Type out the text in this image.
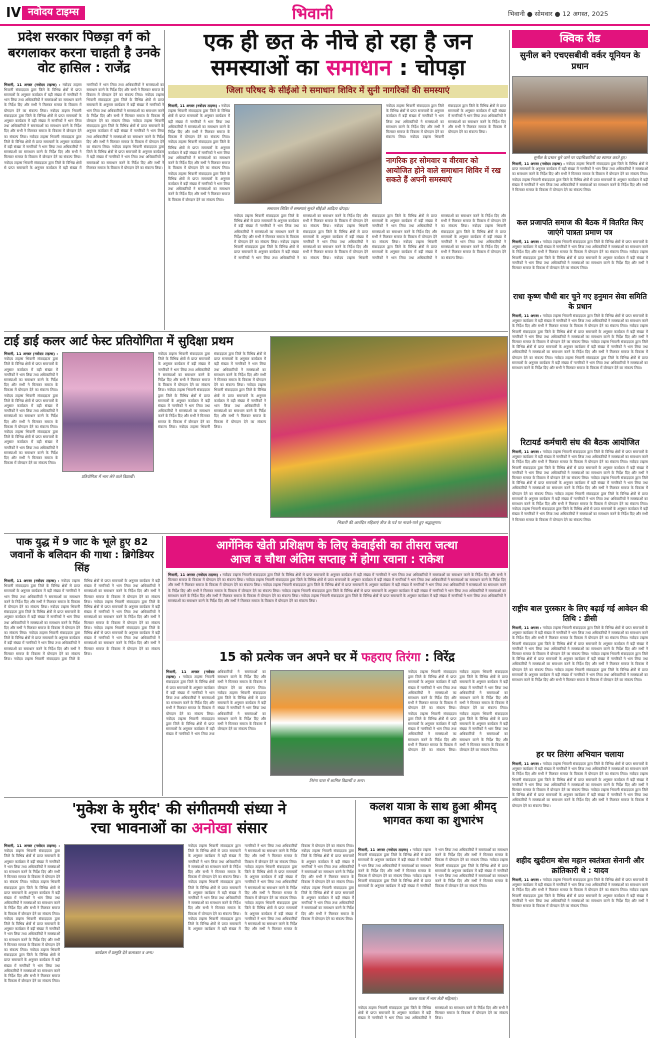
IV नवोदय टाइम्स	भिवानी	भिवानी ● सोमवार ● 12 अगस्त, 2025
प्रदेश सरकार पिछड़ा वर्ग को बरगलाकर करना चाहती है उनके वोट हासिल : राजेंद्र
भिवानी, 11 अगस्त (नवोदय टाइम्स) : नवोदय टाइम्स भिवानी संवाददाता द्वारा जिले के विभिन्न क्षेत्रों से प्राप्त समाचारों के अनुसार कार्यक्रम में बड़ी संख्या में नागरिकों ने भाग लिया तथा अधिकारियों ने समस्याओं का समाधान करने के निर्देश दिए और सभी ने मिलकर समाज के विकास में योगदान देने का संकल्प लिया। नवोदय टाइम्स भिवानी संवाददाता द्वारा जिले के विभिन्न क्षेत्रों से प्राप्त समाचारों के अनुसार कार्यक्रम में बड़ी संख्या में नागरिकों ने भाग लिया तथा अधिकारियों ने समस्याओं का समाधान करने के निर्देश दिए और सभी ने मिलकर समाज के विकास में योगदान देने का संकल्प लिया। नवोदय टाइम्स भिवानी संवाददाता द्वारा जिले के विभिन्न क्षेत्रों से प्राप्त समाचारों के अनुसार कार्यक्रम में बड़ी संख्या में नागरिकों ने भाग लिया तथा अधिकारियों ने समस्याओं का समाधान करने के निर्देश दिए और सभी ने मिलकर समाज के विकास में योगदान देने का संकल्प लिया। नवोदय टाइम्स भिवानी संवाददाता द्वारा जिले के विभिन्न क्षेत्रों से प्राप्त समाचारों के अनुसार कार्यक्रम में बड़ी संख्या में नागरिकों ने भाग लिया तथा अधिकारियों ने समस्याओं का समाधान करने के निर्देश दिए और सभी ने मिलकर समाज के विकास में योगदान देने का संकल्प लिया। नवोदय टाइम्स भिवानी संवाददाता द्वारा जिले के विभिन्न क्षेत्रों से प्राप्त समाचारों के अनुसार कार्यक्रम में बड़ी संख्या में नागरिकों ने भाग लिया तथा अधिकारियों ने समस्याओं का समाधान करने के निर्देश दिए और सभी ने मिलकर समाज के विकास में योगदान देने का संकल्प लिया। नवोदय टाइम्स भिवानी संवाददाता द्वारा जिले के विभिन्न क्षेत्रों से प्राप्त समाचारों के अनुसार कार्यक्रम में बड़ी संख्या में नागरिकों ने भाग लिया तथा अधिकारियों ने समस्याओं का समाधान करने के निर्देश दिए और सभी ने मिलकर समाज के विकास में योगदान देने का संकल्प लिया। नवोदय टाइम्स भिवानी संवाददाता द्वारा जिले के विभिन्न क्षेत्रों से प्राप्त समाचारों के अनुसार कार्यक्रम में बड़ी संख्या में नागरिकों ने भाग लिया तथा अधिकारियों ने समस्याओं का समाधान करने के निर्देश दिए और सभी ने मिलकर समाज के विकास में योगदान देने का संकल्प लिया।
एक ही छत के नीचे हो रहा है जन
समस्याओं का समाधान : चोपड़ा
जिला परिषद के सीईओ ने समाधान शिविर में सुनी नागरिकों की समस्याएं
भिवानी, 11 अगस्त (नवोदय टाइम्स) : नवोदय टाइम्स भिवानी संवाददाता द्वारा जिले के विभिन्न क्षेत्रों से प्राप्त समाचारों के अनुसार कार्यक्रम में बड़ी संख्या में नागरिकों ने भाग लिया तथा अधिकारियों ने समस्याओं का समाधान करने के निर्देश दिए और सभी ने मिलकर समाज के विकास में योगदान देने का संकल्प लिया। नवोदय टाइम्स भिवानी संवाददाता द्वारा जिले के विभिन्न क्षेत्रों से प्राप्त समाचारों के अनुसार कार्यक्रम में बड़ी संख्या में नागरिकों ने भाग लिया तथा अधिकारियों ने समस्याओं का समाधान करने के निर्देश दिए और सभी ने मिलकर समाज के विकास में योगदान देने का संकल्प लिया। नवोदय टाइम्स भिवानी संवाददाता द्वारा जिले के विभिन्न क्षेत्रों से प्राप्त समाचारों के अनुसार कार्यक्रम में बड़ी संख्या में नागरिकों ने भाग लिया तथा अधिकारियों ने समस्याओं का समाधान करने के निर्देश दिए और सभी ने मिलकर समाज के विकास में योगदान देने का संकल्प लिया।
समाधान शिविर में समस्याएं सुनते सीईओ आदित्य चोपड़ा।
नवोदय टाइम्स भिवानी संवाददाता द्वारा जिले के विभिन्न क्षेत्रों से प्राप्त समाचारों के अनुसार कार्यक्रम में बड़ी संख्या में नागरिकों ने भाग लिया तथा अधिकारियों ने समस्याओं का समाधान करने के निर्देश दिए और सभी ने मिलकर समाज के विकास में योगदान देने का संकल्प लिया। नवोदय टाइम्स भिवानी संवाददाता द्वारा जिले के विभिन्न क्षेत्रों से प्राप्त समाचारों के अनुसार कार्यक्रम में बड़ी संख्या में नागरिकों ने भाग लिया तथा अधिकारियों ने समस्याओं का समाधान करने के निर्देश दिए और सभी ने मिलकर समाज के विकास में योगदान देने का संकल्प लिया।
नागरिक हर सोमवार व वीरवार को आयोजित होने वाले समाधान शिविर में रख सकते हैं अपनी समस्याएं
नवोदय टाइम्स भिवानी संवाददाता द्वारा जिले के विभिन्न क्षेत्रों से प्राप्त समाचारों के अनुसार कार्यक्रम में बड़ी संख्या में नागरिकों ने भाग लिया तथा अधिकारियों ने समस्याओं का समाधान करने के निर्देश दिए और सभी ने मिलकर समाज के विकास में योगदान देने का संकल्प लिया। नवोदय टाइम्स भिवानी संवाददाता द्वारा जिले के विभिन्न क्षेत्रों से प्राप्त समाचारों के अनुसार कार्यक्रम में बड़ी संख्या में नागरिकों ने भाग लिया तथा अधिकारियों ने समस्याओं का समाधान करने के निर्देश दिए और सभी ने मिलकर समाज के विकास में योगदान देने का संकल्प लिया। नवोदय टाइम्स भिवानी संवाददाता द्वारा जिले के विभिन्न क्षेत्रों से प्राप्त समाचारों के अनुसार कार्यक्रम में बड़ी संख्या में नागरिकों ने भाग लिया तथा अधिकारियों ने समस्याओं का समाधान करने के निर्देश दिए और सभी ने मिलकर समाज के विकास में योगदान देने का संकल्प लिया। नवोदय टाइम्स भिवानी संवाददाता द्वारा जिले के विभिन्न क्षेत्रों से प्राप्त समाचारों के अनुसार कार्यक्रम में बड़ी संख्या में नागरिकों ने भाग लिया तथा अधिकारियों ने समस्याओं का समाधान करने के निर्देश दिए और सभी ने मिलकर समाज के विकास में योगदान देने का संकल्प लिया। नवोदय टाइम्स भिवानी संवाददाता द्वारा जिले के विभिन्न क्षेत्रों से प्राप्त समाचारों के अनुसार कार्यक्रम में बड़ी संख्या में नागरिकों ने भाग लिया तथा अधिकारियों ने समस्याओं का समाधान करने के निर्देश दिए और सभी ने मिलकर समाज के विकास में योगदान देने का संकल्प लिया। नवोदय टाइम्स भिवानी संवाददाता द्वारा जिले के विभिन्न क्षेत्रों से प्राप्त समाचारों के अनुसार कार्यक्रम में बड़ी संख्या में नागरिकों ने भाग लिया तथा अधिकारियों ने समस्याओं का समाधान करने के निर्देश दिए और सभी ने मिलकर समाज के विकास में योगदान देने का संकल्प लिया।
क्विक रीड
सुनील बने एचएसबीवी वर्कर यूनियन के प्रधान
सुनील के प्रधान चुने जाने पर पदाधिकारियों का स्वागत करते हुए।
भिवानी, 11 अगस्त (नवोदय टाइम्स) : नवोदय टाइम्स भिवानी संवाददाता द्वारा जिले के विभिन्न क्षेत्रों से प्राप्त समाचारों के अनुसार कार्यक्रम में बड़ी संख्या में नागरिकों ने भाग लिया तथा अधिकारियों ने समस्याओं का समाधान करने के निर्देश दिए और सभी ने मिलकर समाज के विकास में योगदान देने का संकल्प लिया। नवोदय टाइम्स भिवानी संवाददाता द्वारा जिले के विभिन्न क्षेत्रों से प्राप्त समाचारों के अनुसार कार्यक्रम में बड़ी संख्या में नागरिकों ने भाग लिया तथा अधिकारियों ने समस्याओं का समाधान करने के निर्देश दिए और सभी ने मिलकर समाज के विकास में योगदान देने का संकल्प लिया।
कल प्रजापति समाज की बैठक में वितरित किए जाएंगे पात्रता प्रमाण पत्र
भिवानी, 11 अगस्त : नवोदय टाइम्स भिवानी संवाददाता द्वारा जिले के विभिन्न क्षेत्रों से प्राप्त समाचारों के अनुसार कार्यक्रम में बड़ी संख्या में नागरिकों ने भाग लिया तथा अधिकारियों ने समस्याओं का समाधान करने के निर्देश दिए और सभी ने मिलकर समाज के विकास में योगदान देने का संकल्प लिया। नवोदय टाइम्स भिवानी संवाददाता द्वारा जिले के विभिन्न क्षेत्रों से प्राप्त समाचारों के अनुसार कार्यक्रम में बड़ी संख्या में नागरिकों ने भाग लिया तथा अधिकारियों ने समस्याओं का समाधान करने के निर्देश दिए और सभी ने मिलकर समाज के विकास में योगदान देने का संकल्प लिया।
राधा कृष्ण चौथी बार चुने गए हनुमान सेवा समिति के प्रधान
भिवानी, 11 अगस्त : नवोदय टाइम्स भिवानी संवाददाता द्वारा जिले के विभिन्न क्षेत्रों से प्राप्त समाचारों के अनुसार कार्यक्रम में बड़ी संख्या में नागरिकों ने भाग लिया तथा अधिकारियों ने समस्याओं का समाधान करने के निर्देश दिए और सभी ने मिलकर समाज के विकास में योगदान देने का संकल्प लिया। नवोदय टाइम्स भिवानी संवाददाता द्वारा जिले के विभिन्न क्षेत्रों से प्राप्त समाचारों के अनुसार कार्यक्रम में बड़ी संख्या में नागरिकों ने भाग लिया तथा अधिकारियों ने समस्याओं का समाधान करने के निर्देश दिए और सभी ने मिलकर समाज के विकास में योगदान देने का संकल्प लिया। नवोदय टाइम्स भिवानी संवाददाता द्वारा जिले के विभिन्न क्षेत्रों से प्राप्त समाचारों के अनुसार कार्यक्रम में बड़ी संख्या में नागरिकों ने भाग लिया तथा अधिकारियों ने समस्याओं का समाधान करने के निर्देश दिए और सभी ने मिलकर समाज के विकास में योगदान देने का संकल्प लिया। नवोदय टाइम्स भिवानी संवाददाता द्वारा जिले के विभिन्न क्षेत्रों से प्राप्त समाचारों के अनुसार कार्यक्रम में बड़ी संख्या में नागरिकों ने भाग लिया तथा अधिकारियों ने समस्याओं का समाधान करने के निर्देश दिए और सभी ने मिलकर समाज के विकास में योगदान देने का संकल्प लिया।
रिटायर्ड कर्मचारी संघ की बैठक आयोजित
भिवानी, 11 अगस्त : नवोदय टाइम्स भिवानी संवाददाता द्वारा जिले के विभिन्न क्षेत्रों से प्राप्त समाचारों के अनुसार कार्यक्रम में बड़ी संख्या में नागरिकों ने भाग लिया तथा अधिकारियों ने समस्याओं का समाधान करने के निर्देश दिए और सभी ने मिलकर समाज के विकास में योगदान देने का संकल्प लिया। नवोदय टाइम्स भिवानी संवाददाता द्वारा जिले के विभिन्न क्षेत्रों से प्राप्त समाचारों के अनुसार कार्यक्रम में बड़ी संख्या में नागरिकों ने भाग लिया तथा अधिकारियों ने समस्याओं का समाधान करने के निर्देश दिए और सभी ने मिलकर समाज के विकास में योगदान देने का संकल्प लिया। नवोदय टाइम्स भिवानी संवाददाता द्वारा जिले के विभिन्न क्षेत्रों से प्राप्त समाचारों के अनुसार कार्यक्रम में बड़ी संख्या में नागरिकों ने भाग लिया तथा अधिकारियों ने समस्याओं का समाधान करने के निर्देश दिए और सभी ने मिलकर समाज के विकास में योगदान देने का संकल्प लिया। नवोदय टाइम्स भिवानी संवाददाता द्वारा जिले के विभिन्न क्षेत्रों से प्राप्त समाचारों के अनुसार कार्यक्रम में बड़ी संख्या में नागरिकों ने भाग लिया तथा अधिकारियों ने समस्याओं का समाधान करने के निर्देश दिए और सभी ने मिलकर समाज के विकास में योगदान देने का संकल्प लिया। नवोदय टाइम्स भिवानी संवाददाता द्वारा जिले के विभिन्न क्षेत्रों से प्राप्त समाचारों के अनुसार कार्यक्रम में बड़ी संख्या में नागरिकों ने भाग लिया तथा अधिकारियों ने समस्याओं का समाधान करने के निर्देश दिए और सभी ने मिलकर समाज के विकास में योगदान देने का संकल्प लिया।
राष्ट्रीय बाल पुरस्कार के लिए बढ़ाई गई आवेदन की तिथि : डीसी
भिवानी, 11 अगस्त : नवोदय टाइम्स भिवानी संवाददाता द्वारा जिले के विभिन्न क्षेत्रों से प्राप्त समाचारों के अनुसार कार्यक्रम में बड़ी संख्या में नागरिकों ने भाग लिया तथा अधिकारियों ने समस्याओं का समाधान करने के निर्देश दिए और सभी ने मिलकर समाज के विकास में योगदान देने का संकल्प लिया। नवोदय टाइम्स भिवानी संवाददाता द्वारा जिले के विभिन्न क्षेत्रों से प्राप्त समाचारों के अनुसार कार्यक्रम में बड़ी संख्या में नागरिकों ने भाग लिया तथा अधिकारियों ने समस्याओं का समाधान करने के निर्देश दिए और सभी ने मिलकर समाज के विकास में योगदान देने का संकल्प लिया। नवोदय टाइम्स भिवानी संवाददाता द्वारा जिले के विभिन्न क्षेत्रों से प्राप्त समाचारों के अनुसार कार्यक्रम में बड़ी संख्या में नागरिकों ने भाग लिया तथा अधिकारियों ने समस्याओं का समाधान करने के निर्देश दिए और सभी ने मिलकर समाज के विकास में योगदान देने का संकल्प लिया। नवोदय टाइम्स भिवानी संवाददाता द्वारा जिले के विभिन्न क्षेत्रों से प्राप्त समाचारों के अनुसार कार्यक्रम में बड़ी संख्या में नागरिकों ने भाग लिया तथा अधिकारियों ने समस्याओं का समाधान करने के निर्देश दिए और सभी ने मिलकर समाज के विकास में योगदान देने का संकल्प लिया।
हर घर तिरंगा अभियान चलाया
भिवानी, 11 अगस्त : नवोदय टाइम्स भिवानी संवाददाता द्वारा जिले के विभिन्न क्षेत्रों से प्राप्त समाचारों के अनुसार कार्यक्रम में बड़ी संख्या में नागरिकों ने भाग लिया तथा अधिकारियों ने समस्याओं का समाधान करने के निर्देश दिए और सभी ने मिलकर समाज के विकास में योगदान देने का संकल्प लिया। नवोदय टाइम्स भिवानी संवाददाता द्वारा जिले के विभिन्न क्षेत्रों से प्राप्त समाचारों के अनुसार कार्यक्रम में बड़ी संख्या में नागरिकों ने भाग लिया तथा अधिकारियों ने समस्याओं का समाधान करने के निर्देश दिए और सभी ने मिलकर समाज के विकास में योगदान देने का संकल्प लिया। नवोदय टाइम्स भिवानी संवाददाता द्वारा जिले के विभिन्न क्षेत्रों से प्राप्त समाचारों के अनुसार कार्यक्रम में बड़ी संख्या में नागरिकों ने भाग लिया तथा अधिकारियों ने समस्याओं का समाधान करने के निर्देश दिए और सभी ने मिलकर समाज के विकास में योगदान देने का संकल्प लिया।
शहीद खुदीराम बोस महान स्वतंत्रता सेनानी और क्रांतिकारी थे : यादव
भिवानी, 11 अगस्त : नवोदय टाइम्स भिवानी संवाददाता द्वारा जिले के विभिन्न क्षेत्रों से प्राप्त समाचारों के अनुसार कार्यक्रम में बड़ी संख्या में नागरिकों ने भाग लिया तथा अधिकारियों ने समस्याओं का समाधान करने के निर्देश दिए और सभी ने मिलकर समाज के विकास में योगदान देने का संकल्प लिया। नवोदय टाइम्स भिवानी संवाददाता द्वारा जिले के विभिन्न क्षेत्रों से प्राप्त समाचारों के अनुसार कार्यक्रम में बड़ी संख्या में नागरिकों ने भाग लिया तथा अधिकारियों ने समस्याओं का समाधान करने के निर्देश दिए और सभी ने मिलकर समाज के विकास में योगदान देने का संकल्प लिया।
टाई डाई कलर आर्ट फेस्ट प्रतियोगिता में सुदिक्षा प्रथम
भिवानी, 11 अगस्त (नवोदय टाइम्स) : नवोदय टाइम्स भिवानी संवाददाता द्वारा जिले के विभिन्न क्षेत्रों से प्राप्त समाचारों के अनुसार कार्यक्रम में बड़ी संख्या में नागरिकों ने भाग लिया तथा अधिकारियों ने समस्याओं का समाधान करने के निर्देश दिए और सभी ने मिलकर समाज के विकास में योगदान देने का संकल्प लिया। नवोदय टाइम्स भिवानी संवाददाता द्वारा जिले के विभिन्न क्षेत्रों से प्राप्त समाचारों के अनुसार कार्यक्रम में बड़ी संख्या में नागरिकों ने भाग लिया तथा अधिकारियों ने समस्याओं का समाधान करने के निर्देश दिए और सभी ने मिलकर समाज के विकास में योगदान देने का संकल्प लिया। नवोदय टाइम्स भिवानी संवाददाता द्वारा जिले के विभिन्न क्षेत्रों से प्राप्त समाचारों के अनुसार कार्यक्रम में बड़ी संख्या में नागरिकों ने भाग लिया तथा अधिकारियों ने समस्याओं का समाधान करने के निर्देश दिए और सभी ने मिलकर समाज के विकास में योगदान देने का संकल्प लिया।
प्रतियोगिता में भाग लेने वाले विद्यार्थी।
नवोदय टाइम्स भिवानी संवाददाता द्वारा जिले के विभिन्न क्षेत्रों से प्राप्त समाचारों के अनुसार कार्यक्रम में बड़ी संख्या में नागरिकों ने भाग लिया तथा अधिकारियों ने समस्याओं का समाधान करने के निर्देश दिए और सभी ने मिलकर समाज के विकास में योगदान देने का संकल्प लिया। नवोदय टाइम्स भिवानी संवाददाता द्वारा जिले के विभिन्न क्षेत्रों से प्राप्त समाचारों के अनुसार कार्यक्रम में बड़ी संख्या में नागरिकों ने भाग लिया तथा अधिकारियों ने समस्याओं का समाधान करने के निर्देश दिए और सभी ने मिलकर समाज के विकास में योगदान देने का संकल्प लिया। नवोदय टाइम्स भिवानी संवाददाता द्वारा जिले के विभिन्न क्षेत्रों से प्राप्त समाचारों के अनुसार कार्यक्रम में बड़ी संख्या में नागरिकों ने भाग लिया तथा अधिकारियों ने समस्याओं का समाधान करने के निर्देश दिए और सभी ने मिलकर समाज के विकास में योगदान देने का संकल्प लिया। नवोदय टाइम्स भिवानी संवाददाता द्वारा जिले के विभिन्न क्षेत्रों से प्राप्त समाचारों के अनुसार कार्यक्रम में बड़ी संख्या में नागरिकों ने भाग लिया तथा अधिकारियों ने समस्याओं का समाधान करने के निर्देश दिए और सभी ने मिलकर समाज के विकास में योगदान देने का संकल्प लिया।
भिवानी की आनंदित महिलाएं तीज के पर्व पर नाचते-गाते हुए श्रद्धालुगण।
पाक युद्ध में 9 जाट के भूले हुए 82 जवानों के बलिदान की गाथा : ब्रिगेडियर सिंह
भिवानी, 11 अगस्त (नवोदय टाइम्स) : नवोदय टाइम्स भिवानी संवाददाता द्वारा जिले के विभिन्न क्षेत्रों से प्राप्त समाचारों के अनुसार कार्यक्रम में बड़ी संख्या में नागरिकों ने भाग लिया तथा अधिकारियों ने समस्याओं का समाधान करने के निर्देश दिए और सभी ने मिलकर समाज के विकास में योगदान देने का संकल्प लिया। नवोदय टाइम्स भिवानी संवाददाता द्वारा जिले के विभिन्न क्षेत्रों से प्राप्त समाचारों के अनुसार कार्यक्रम में बड़ी संख्या में नागरिकों ने भाग लिया तथा अधिकारियों ने समस्याओं का समाधान करने के निर्देश दिए और सभी ने मिलकर समाज के विकास में योगदान देने का संकल्प लिया। नवोदय टाइम्स भिवानी संवाददाता द्वारा जिले के विभिन्न क्षेत्रों से प्राप्त समाचारों के अनुसार कार्यक्रम में बड़ी संख्या में नागरिकों ने भाग लिया तथा अधिकारियों ने समस्याओं का समाधान करने के निर्देश दिए और सभी ने मिलकर समाज के विकास में योगदान देने का संकल्प लिया। नवोदय टाइम्स भिवानी संवाददाता द्वारा जिले के विभिन्न क्षेत्रों से प्राप्त समाचारों के अनुसार कार्यक्रम में बड़ी संख्या में नागरिकों ने भाग लिया तथा अधिकारियों ने समस्याओं का समाधान करने के निर्देश दिए और सभी ने मिलकर समाज के विकास में योगदान देने का संकल्प लिया। नवोदय टाइम्स भिवानी संवाददाता द्वारा जिले के विभिन्न क्षेत्रों से प्राप्त समाचारों के अनुसार कार्यक्रम में बड़ी संख्या में नागरिकों ने भाग लिया तथा अधिकारियों ने समस्याओं का समाधान करने के निर्देश दिए और सभी ने मिलकर समाज के विकास में योगदान देने का संकल्प लिया। नवोदय टाइम्स भिवानी संवाददाता द्वारा जिले के विभिन्न क्षेत्रों से प्राप्त समाचारों के अनुसार कार्यक्रम में बड़ी संख्या में नागरिकों ने भाग लिया तथा अधिकारियों ने समस्याओं का समाधान करने के निर्देश दिए और सभी ने मिलकर समाज के विकास में योगदान देने का संकल्प लिया।
आर्गेनिक खेती प्रशिक्षण के लिए केवाईसी का तीसरा जत्था
आज व चौथा अंतिम सप्ताह में होगा रवाना : राकेश
भिवानी, 11 अगस्त (नवोदय टाइम्स) : नवोदय टाइम्स भिवानी संवाददाता द्वारा जिले के विभिन्न क्षेत्रों से प्राप्त समाचारों के अनुसार कार्यक्रम में बड़ी संख्या में नागरिकों ने भाग लिया तथा अधिकारियों ने समस्याओं का समाधान करने के निर्देश दिए और सभी ने मिलकर समाज के विकास में योगदान देने का संकल्प लिया। नवोदय टाइम्स भिवानी संवाददाता द्वारा जिले के विभिन्न क्षेत्रों से प्राप्त समाचारों के अनुसार कार्यक्रम में बड़ी संख्या में नागरिकों ने भाग लिया तथा अधिकारियों ने समस्याओं का समाधान करने के निर्देश दिए और सभी ने मिलकर समाज के विकास में योगदान देने का संकल्प लिया। नवोदय टाइम्स भिवानी संवाददाता द्वारा जिले के विभिन्न क्षेत्रों से प्राप्त समाचारों के अनुसार कार्यक्रम में बड़ी संख्या में नागरिकों ने भाग लिया तथा अधिकारियों ने समस्याओं का समाधान करने के निर्देश दिए और सभी ने मिलकर समाज के विकास में योगदान देने का संकल्प लिया। नवोदय टाइम्स भिवानी संवाददाता द्वारा जिले के विभिन्न क्षेत्रों से प्राप्त समाचारों के अनुसार कार्यक्रम में बड़ी संख्या में नागरिकों ने भाग लिया तथा अधिकारियों ने समस्याओं का समाधान करने के निर्देश दिए और सभी ने मिलकर समाज के विकास में योगदान देने का संकल्प लिया। नवोदय टाइम्स भिवानी संवाददाता द्वारा जिले के विभिन्न क्षेत्रों से प्राप्त समाचारों के अनुसार कार्यक्रम में बड़ी संख्या में नागरिकों ने भाग लिया तथा अधिकारियों ने समस्याओं का समाधान करने के निर्देश दिए और सभी ने मिलकर समाज के विकास में योगदान देने का संकल्प लिया।
15 को प्रत्येक जन अपने घर में फहराए तिरंगा : विरेंद्र
भिवानी, 11 अगस्त (नवोदय टाइम्स) : नवोदय टाइम्स भिवानी संवाददाता द्वारा जिले के विभिन्न क्षेत्रों से प्राप्त समाचारों के अनुसार कार्यक्रम में बड़ी संख्या में नागरिकों ने भाग लिया तथा अधिकारियों ने समस्याओं का समाधान करने के निर्देश दिए और सभी ने मिलकर समाज के विकास में योगदान देने का संकल्प लिया। नवोदय टाइम्स भिवानी संवाददाता द्वारा जिले के विभिन्न क्षेत्रों से प्राप्त समाचारों के अनुसार कार्यक्रम में बड़ी संख्या में नागरिकों ने भाग लिया तथा अधिकारियों ने समस्याओं का समाधान करने के निर्देश दिए और सभी ने मिलकर समाज के विकास में योगदान देने का संकल्प लिया। नवोदय टाइम्स भिवानी संवाददाता द्वारा जिले के विभिन्न क्षेत्रों से प्राप्त समाचारों के अनुसार कार्यक्रम में बड़ी संख्या में नागरिकों ने भाग लिया तथा अधिकारियों ने समस्याओं का समाधान करने के निर्देश दिए और सभी ने मिलकर समाज के विकास में योगदान देने का संकल्प लिया।
तिरंगा यात्रा में शामिल विद्यार्थी व अन्य।
नवोदय टाइम्स भिवानी संवाददाता द्वारा जिले के विभिन्न क्षेत्रों से प्राप्त समाचारों के अनुसार कार्यक्रम में बड़ी संख्या में नागरिकों ने भाग लिया तथा अधिकारियों ने समस्याओं का समाधान करने के निर्देश दिए और सभी ने मिलकर समाज के विकास में योगदान देने का संकल्प लिया। नवोदय टाइम्स भिवानी संवाददाता द्वारा जिले के विभिन्न क्षेत्रों से प्राप्त समाचारों के अनुसार कार्यक्रम में बड़ी संख्या में नागरिकों ने भाग लिया तथा अधिकारियों ने समस्याओं का समाधान करने के निर्देश दिए और सभी ने मिलकर समाज के विकास में योगदान देने का संकल्प लिया। नवोदय टाइम्स भिवानी संवाददाता द्वारा जिले के विभिन्न क्षेत्रों से प्राप्त समाचारों के अनुसार कार्यक्रम में बड़ी संख्या में नागरिकों ने भाग लिया तथा अधिकारियों ने समस्याओं का समाधान करने के निर्देश दिए और सभी ने मिलकर समाज के विकास में योगदान देने का संकल्प लिया। नवोदय टाइम्स भिवानी संवाददाता द्वारा जिले के विभिन्न क्षेत्रों से प्राप्त समाचारों के अनुसार कार्यक्रम में बड़ी संख्या में नागरिकों ने भाग लिया तथा अधिकारियों ने समस्याओं का समाधान करने के निर्देश दिए और सभी ने मिलकर समाज के विकास में योगदान देने का संकल्प लिया।
'मुकेश के मुरीद' की संगीतमयी संध्या ने
रचा भावनाओं का अनोखा संसार
भिवानी, 11 अगस्त (नवोदय टाइम्स) : नवोदय टाइम्स भिवानी संवाददाता द्वारा जिले के विभिन्न क्षेत्रों से प्राप्त समाचारों के अनुसार कार्यक्रम में बड़ी संख्या में नागरिकों ने भाग लिया तथा अधिकारियों ने समस्याओं का समाधान करने के निर्देश दिए और सभी ने मिलकर समाज के विकास में योगदान देने का संकल्प लिया। नवोदय टाइम्स भिवानी संवाददाता द्वारा जिले के विभिन्न क्षेत्रों से प्राप्त समाचारों के अनुसार कार्यक्रम में बड़ी संख्या में नागरिकों ने भाग लिया तथा अधिकारियों ने समस्याओं का समाधान करने के निर्देश दिए और सभी ने मिलकर समाज के विकास में योगदान देने का संकल्प लिया। नवोदय टाइम्स भिवानी संवाददाता द्वारा जिले के विभिन्न क्षेत्रों से प्राप्त समाचारों के अनुसार कार्यक्रम में बड़ी संख्या में नागरिकों ने भाग लिया तथा अधिकारियों ने समस्याओं का समाधान करने के निर्देश दिए और सभी ने मिलकर समाज के विकास में योगदान देने का संकल्प लिया। नवोदय टाइम्स भिवानी संवाददाता द्वारा जिले के विभिन्न क्षेत्रों से प्राप्त समाचारों के अनुसार कार्यक्रम में बड़ी संख्या में नागरिकों ने भाग लिया तथा अधिकारियों ने समस्याओं का समाधान करने के निर्देश दिए और सभी ने मिलकर समाज के विकास में योगदान देने का संकल्प लिया।
कार्यक्रम में प्रस्तुति देते कलाकार व अन्य।
नवोदय टाइम्स भिवानी संवाददाता द्वारा जिले के विभिन्न क्षेत्रों से प्राप्त समाचारों के अनुसार कार्यक्रम में बड़ी संख्या में नागरिकों ने भाग लिया तथा अधिकारियों ने समस्याओं का समाधान करने के निर्देश दिए और सभी ने मिलकर समाज के विकास में योगदान देने का संकल्प लिया। नवोदय टाइम्स भिवानी संवाददाता द्वारा जिले के विभिन्न क्षेत्रों से प्राप्त समाचारों के अनुसार कार्यक्रम में बड़ी संख्या में नागरिकों ने भाग लिया तथा अधिकारियों ने समस्याओं का समाधान करने के निर्देश दिए और सभी ने मिलकर समाज के विकास में योगदान देने का संकल्प लिया। नवोदय टाइम्स भिवानी संवाददाता द्वारा जिले के विभिन्न क्षेत्रों से प्राप्त समाचारों के अनुसार कार्यक्रम में बड़ी संख्या में नागरिकों ने भाग लिया तथा अधिकारियों ने समस्याओं का समाधान करने के निर्देश दिए और सभी ने मिलकर समाज के विकास में योगदान देने का संकल्प लिया। नवोदय टाइम्स भिवानी संवाददाता द्वारा जिले के विभिन्न क्षेत्रों से प्राप्त समाचारों के अनुसार कार्यक्रम में बड़ी संख्या में नागरिकों ने भाग लिया तथा अधिकारियों ने समस्याओं का समाधान करने के निर्देश दिए और सभी ने मिलकर समाज के विकास में योगदान देने का संकल्प लिया। नवोदय टाइम्स भिवानी संवाददाता द्वारा जिले के विभिन्न क्षेत्रों से प्राप्त समाचारों के अनुसार कार्यक्रम में बड़ी संख्या में नागरिकों ने भाग लिया तथा अधिकारियों ने समस्याओं का समाधान करने के निर्देश दिए और सभी ने मिलकर समाज के विकास में योगदान देने का संकल्प लिया। नवोदय टाइम्स भिवानी संवाददाता द्वारा जिले के विभिन्न क्षेत्रों से प्राप्त समाचारों के अनुसार कार्यक्रम में बड़ी संख्या में नागरिकों ने भाग लिया तथा अधिकारियों ने समस्याओं का समाधान करने के निर्देश दिए और सभी ने मिलकर समाज के विकास में योगदान देने का संकल्प लिया। नवोदय टाइम्स भिवानी संवाददाता द्वारा जिले के विभिन्न क्षेत्रों से प्राप्त समाचारों के अनुसार कार्यक्रम में बड़ी संख्या में नागरिकों ने भाग लिया तथा अधिकारियों ने समस्याओं का समाधान करने के निर्देश दिए और सभी ने मिलकर समाज के विकास में योगदान देने का संकल्प लिया।
कलश यात्रा के साथ हुआ श्रीमद् भागवत कथा का शुभारंभ
भिवानी, 11 अगस्त (नवोदय टाइम्स) : नवोदय टाइम्स भिवानी संवाददाता द्वारा जिले के विभिन्न क्षेत्रों से प्राप्त समाचारों के अनुसार कार्यक्रम में बड़ी संख्या में नागरिकों ने भाग लिया तथा अधिकारियों ने समस्याओं का समाधान करने के निर्देश दिए और सभी ने मिलकर समाज के विकास में योगदान देने का संकल्प लिया। नवोदय टाइम्स भिवानी संवाददाता द्वारा जिले के विभिन्न क्षेत्रों से प्राप्त समाचारों के अनुसार कार्यक्रम में बड़ी संख्या में नागरिकों ने भाग लिया तथा अधिकारियों ने समस्याओं का समाधान करने के निर्देश दिए और सभी ने मिलकर समाज के विकास में योगदान देने का संकल्प लिया। नवोदय टाइम्स भिवानी संवाददाता द्वारा जिले के विभिन्न क्षेत्रों से प्राप्त समाचारों के अनुसार कार्यक्रम में बड़ी संख्या में नागरिकों ने भाग लिया तथा अधिकारियों ने समस्याओं का समाधान करने के निर्देश दिए और सभी ने मिलकर समाज के विकास में योगदान देने का संकल्प लिया।
कलश यात्रा में भाग लेती महिलाएं।
नवोदय टाइम्स भिवानी संवाददाता द्वारा जिले के विभिन्न क्षेत्रों से प्राप्त समाचारों के अनुसार कार्यक्रम में बड़ी संख्या में नागरिकों ने भाग लिया तथा अधिकारियों ने समस्याओं का समाधान करने के निर्देश दिए और सभी ने मिलकर समाज के विकास में योगदान देने का संकल्प लिया।
